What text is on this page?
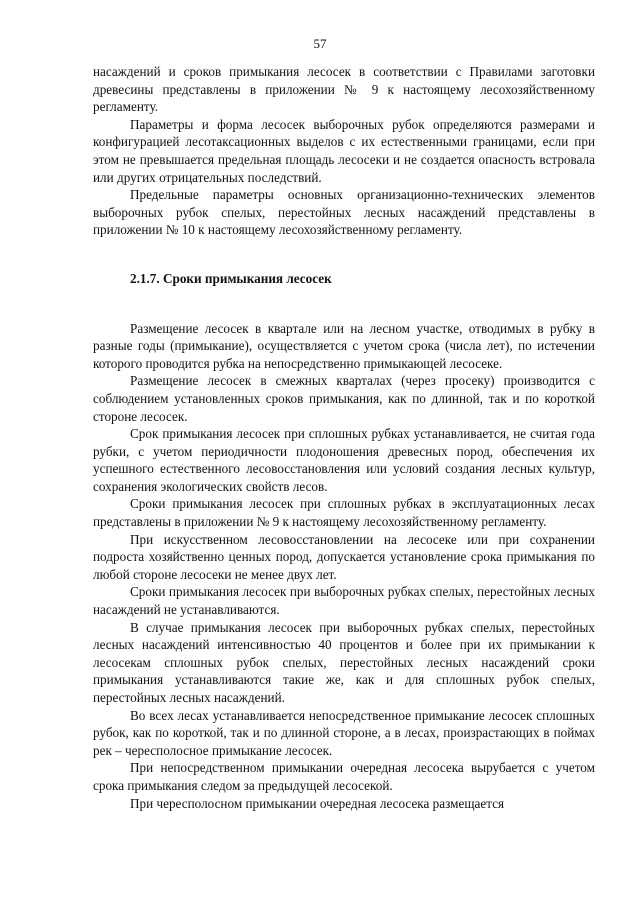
57

насаждений и сроков примыкания лесосек в соответствии с Правилами заготовки древесины представлены в приложении № 9 к настоящему лесохозяйственному регламенту.

Параметры и форма лесосек выборочных рубок определяются размерами и конфигурацией лесотаксационных выделов с их естественными границами, если при этом не превышается предельная площадь лесосеки и не создается опасность встровала или других отрицательных последствий.

Предельные параметры основных организационно-технических элементов выборочных рубок спелых, перестойных лесных насаждений представлены в приложении № 10 к настоящему лесохозяйственному регламенту.

2.1.7. Сроки примыкания лесосек

Размещение лесосек в квартале или на лесном участке, отводимых в рубку в разные годы (примыкание), осуществляется с учетом срока (числа лет), по истечении которого проводится рубка на непосредственно примыкающей лесосеке.

Размещение лесосек в смежных кварталах (через просеку) производится с соблюдением установленных сроков примыкания, как по длинной, так и по короткой стороне лесосек.

Срок примыкания лесосек при сплошных рубках устанавливается, не считая года рубки, с учетом периодичности плодоношения древесных пород, обеспечения их успешного естественного лесовосстановления или условий создания лесных культур, сохранения экологических свойств лесов.

Сроки примыкания лесосек при сплошных рубках в эксплуатационных лесах представлены в приложении № 9 к настоящему лесохозяйственному регламенту.

При искусственном лесовосстановлении на лесосеке или при сохранении подроста хозяйственно ценных пород, допускается установление срока примыкания по любой стороне лесосеки не менее двух лет.

Сроки примыкания лесосек при выборочных рубках спелых, перестойных лесных насаждений не устанавливаются.

В случае примыкания лесосек при выборочных рубках спелых, перестойных лесных насаждений интенсивностью 40 процентов и более при их примыкании к лесосекам сплошных рубок спелых, перестойных лесных насаждений сроки примыкания устанавливаются такие же, как и для сплошных рубок спелых, перестойных лесных насаждений.

Во всех лесах устанавливается непосредственное примыкание лесосек сплошных рубок, как по короткой, так и по длинной стороне, а в лесах, произрастающих в поймах рек – чересполосное примыкание лесосек.

При непосредственном примыкании очередная лесосека вырубается с учетом срока примыкания следом за предыдущей лесосекой.

При чересполосном примыкании очередная лесосека размещается
